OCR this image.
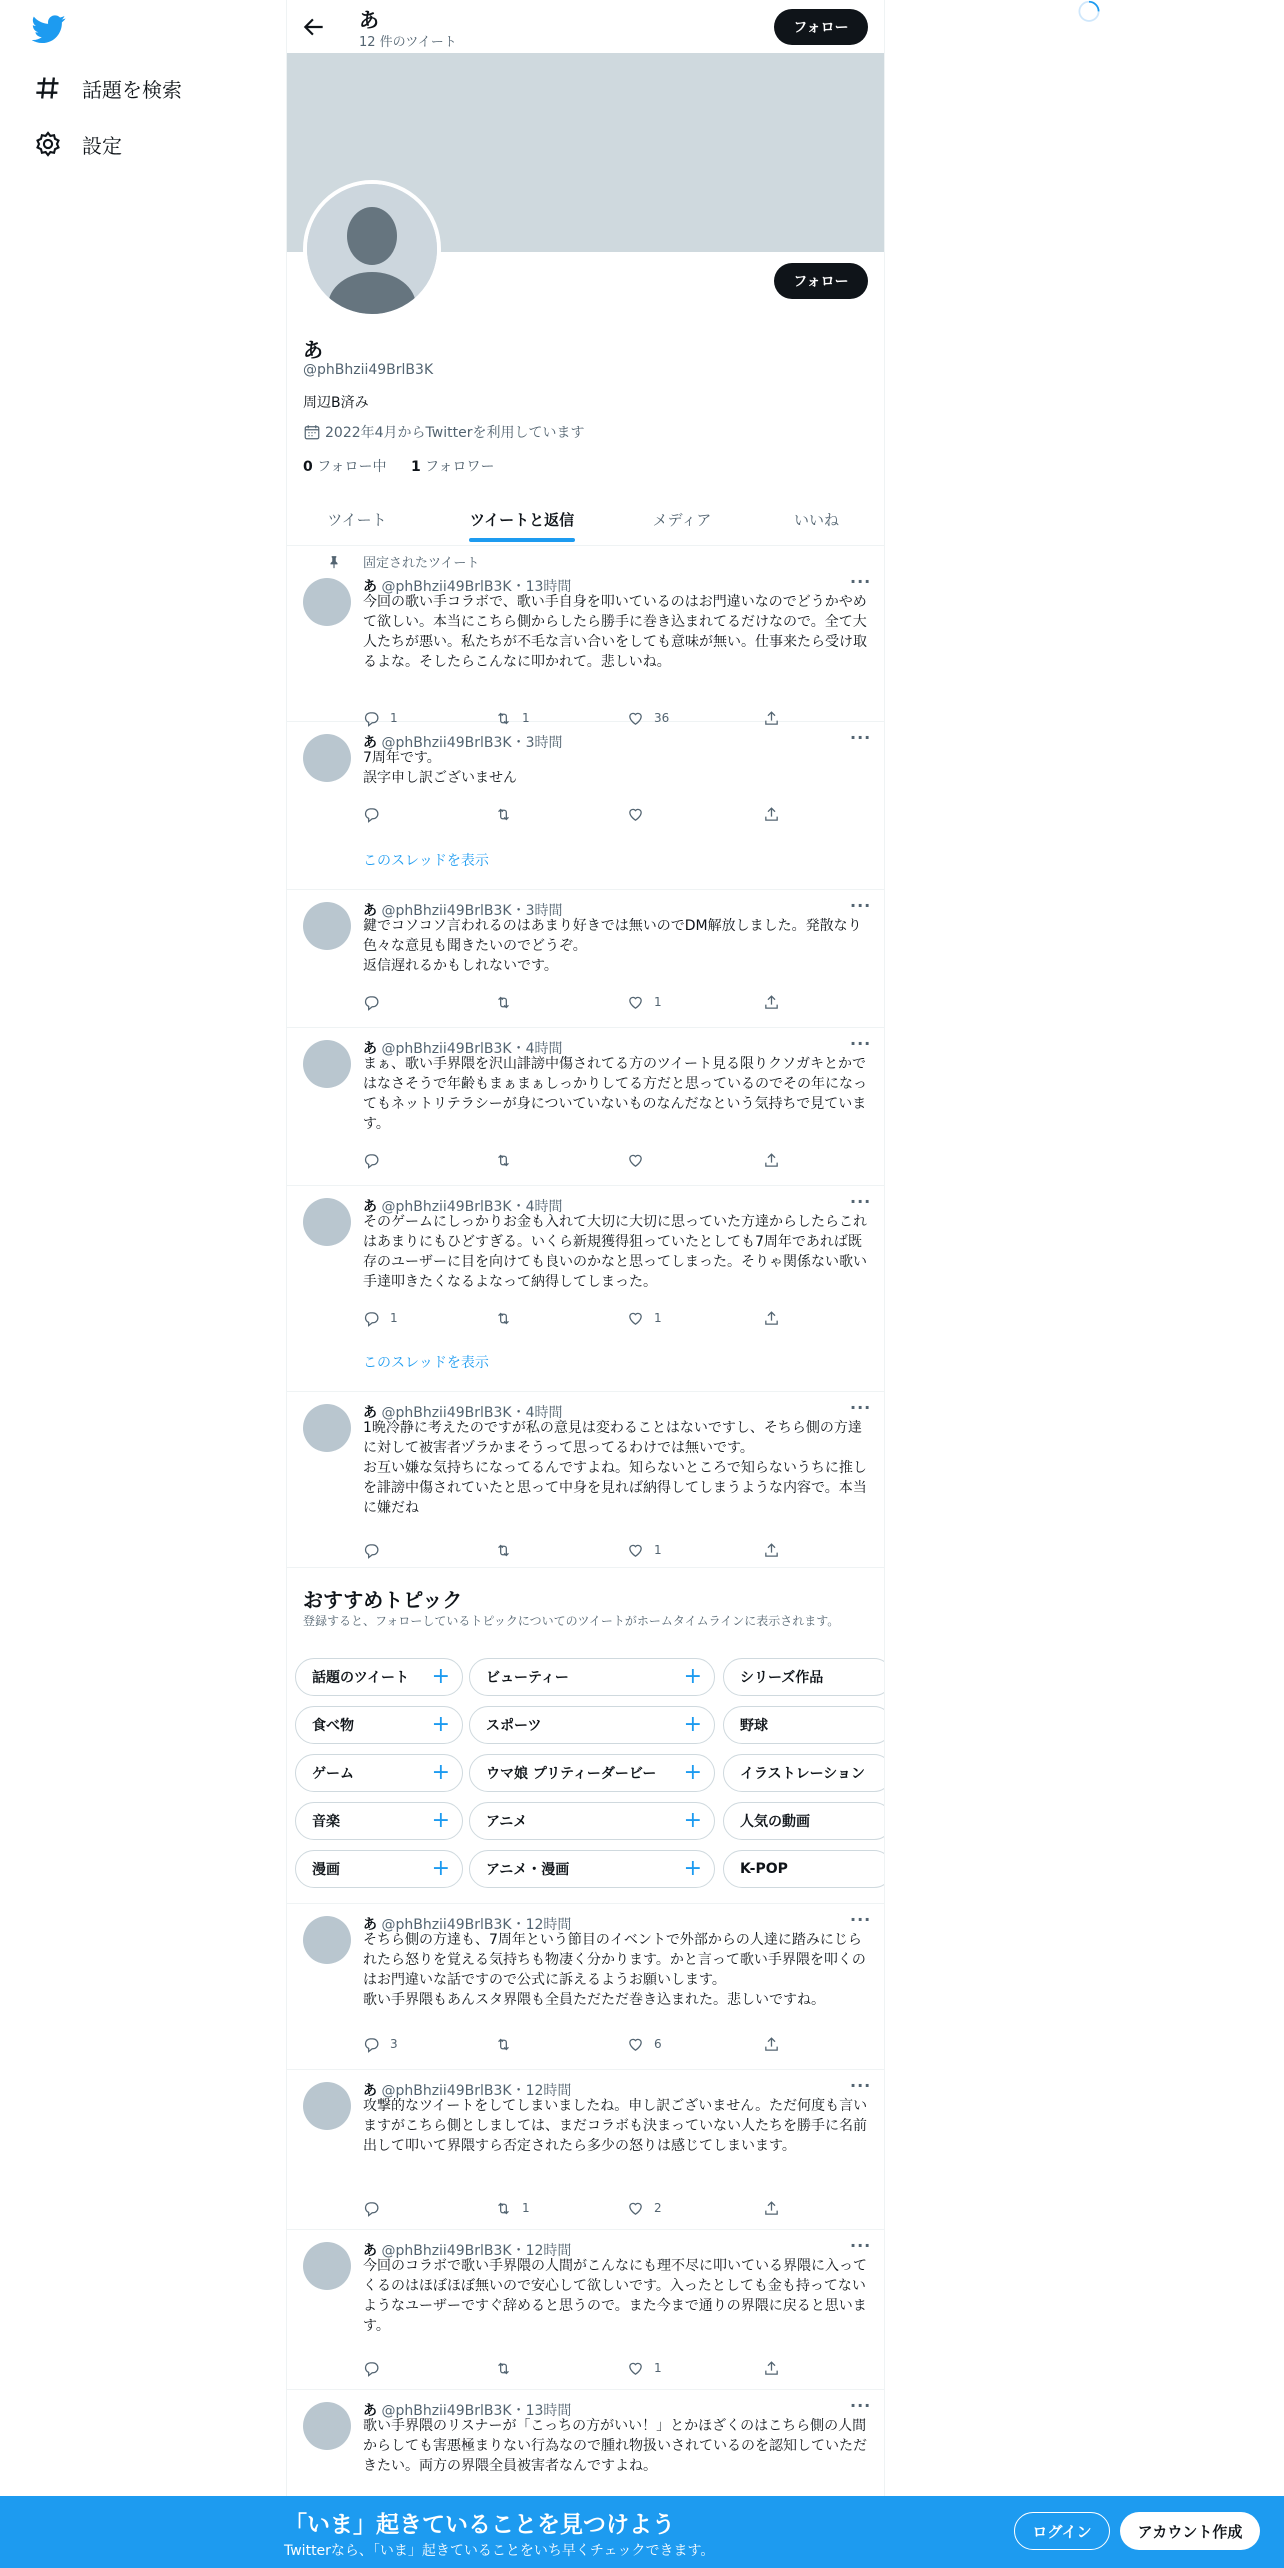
話題を検索
設定
あ
12 件のツイート
フォロー
フォロー
あ
@phBhzii49BrlB3K
周辺B済み
2022年4月からTwitterを利用しています
0 フォロー中 1 フォロワー
ツイート	ツイートと返信	メディア	いいね
固定されたツイート
あ @phBhzii49BrlB3K・13時間	···
今回の歌い手コラボで、歌い手自身を叩いているのはお門違いなのでどうかやめて欲しい。本当にこちら側からしたら勝手に巻き込まれてるだけなので。全て大人たちが悪い。私たちが不毛な言い合いをしても意味が無い。仕事来たら受け取るよな。そしたらこんなに叩かれて。悲しいね。
1	1	36
あ @phBhzii49BrlB3K・3時間	···
7周年です。
誤字申し訳ございません
このスレッドを表示
あ @phBhzii49BrlB3K・3時間	···
鍵でコソコソ言われるのはあまり好きでは無いのでDM解放しました。発散なり色々な意見も聞きたいのでどうぞ。
返信遅れるかもしれないです。
1
あ @phBhzii49BrlB3K・4時間	···
まぁ、歌い手界隈を沢山誹謗中傷されてる方のツイート見る限りクソガキとかではなさそうで年齢もまぁまぁしっかりしてる方だと思っているのでその年になってもネットリテラシーが身についていないものなんだなという気持ちで見ています。
あ @phBhzii49BrlB3K・4時間	···
そのゲームにしっかりお金も入れて大切に大切に思っていた方達からしたらこれはあまりにもひどすぎる。いくら新規獲得狙っていたとしても7周年であれば既存のユーザーに目を向けても良いのかなと思ってしまった。そりゃ関係ない歌い手達叩きたくなるよなって納得してしまった。
1	1
このスレッドを表示
あ @phBhzii49BrlB3K・4時間	···
1晩冷静に考えたのですが私の意見は変わることはないですし、そちら側の方達に対して被害者ヅラかまそうって思ってるわけでは無いです。
お互い嫌な気持ちになってるんですよね。知らないところで知らないうちに推しを誹謗中傷されていたと思って中身を見れば納得してしまうような内容で。本当に嫌だね
1
あ @phBhzii49BrlB3K・12時間	···
そちら側の方達も、7周年という節目のイベントで外部からの人達に踏みにじられたら怒りを覚える気持ちも物凄く分かります。かと言って歌い手界隈を叩くのはお門違いな話ですので公式に訴えるようお願いします。
歌い手界隈もあんスタ界隈も全員ただただ巻き込まれた。悲しいですね。
3	6
あ @phBhzii49BrlB3K・12時間	···
攻撃的なツイートをしてしまいましたね。申し訳ございません。ただ何度も言いますがこちら側としましては、まだコラボも決まっていない人たちを勝手に名前出して叩いて界隈すら否定されたら多少の怒りは感じてしまいます。
1	2
あ @phBhzii49BrlB3K・12時間	···
今回のコラボで歌い手界隈の人間がこんなにも理不尽に叩いている界隈に入ってくるのはほぼほぼ無いので安心して欲しいです。入ったとしても金も持ってないようなユーザーですぐ辞めると思うので。また今まで通りの界隈に戻ると思います。
1
あ @phBhzii49BrlB3K・13時間	···
歌い手界隈のリスナーが「こっちの方がいい！」とかほざくのはこちら側の人間からしても害悪極まりない行為なので腫れ物扱いされているのを認知していただきたい。両方の界隈全員被害者なんですよね。
おすすめトピック
登録すると、フォローしているトピックについてのツイートがホームタイムラインに表示されます。
話題のツイート +	ビューティー	+	シリーズ作品
食べ物	+	スポーツ	+	野球
ゲーム	+	ウマ娘 プリティーダービー +	イラストレーション
音楽	+	アニメ	+	人気の動画
漫画	+	アニメ・漫画	+	K-POP
「いま」起きていることを見つけよう
Twitterなら、「いま」起きていることをいち早くチェックできます。
ログイン	アカウント作成
